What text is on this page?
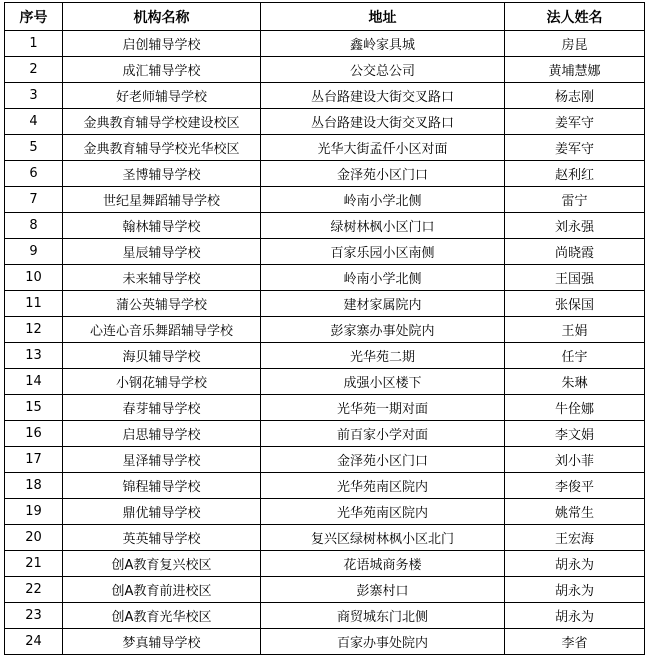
序号	机构名称	地址	法人姓名
1	启创辅导学校	鑫岭家具城	房昆
2	成汇辅导学校	公交总公司	黄埔慧娜
3	好老师辅导学校	丛台路建设大街交叉路口	杨志刚
4	金典教育辅导学校建设校区	丛台路建设大街交叉路口	姜军守
5	金典教育辅导学校光华校区	光华大街孟仟小区对面	姜军守
6	圣博辅导学校	金泽苑小区门口	赵利红
7	世纪星舞蹈辅导学校	岭南小学北侧	雷宁
8	翰林辅导学校	绿树林枫小区门口	刘永强
9	星辰辅导学校	百家乐园小区南侧	尚晓霞
10	未来辅导学校	岭南小学北侧	王国强
11	蒲公英辅导学校	建材家属院内	张保国
12	心连心音乐舞蹈辅导学校	彭家寨办事处院内	王娟
13	海贝辅导学校	光华苑二期	任宇
14	小钢花辅导学校	成强小区楼下	朱琳
15	春芽辅导学校	光华苑一期对面	牛佺娜
16	启思辅导学校	前百家小学对面	李文娟
17	星泽辅导学校	金泽苑小区门口	刘小菲
18	锦程辅导学校	光华苑南区院内	李俊平
19	鼎优辅导学校	光华苑南区院内	姚常生
20	英英辅导学校	复兴区绿树林枫小区北门	王宏海
21	创A教育复兴校区	花语城商务楼	胡永为
22	创A教育前进校区	彭寨村口	胡永为
23	创A教育光华校区	商贸城东门北侧	胡永为
24	梦真辅导学校	百家办事处院内	李省
